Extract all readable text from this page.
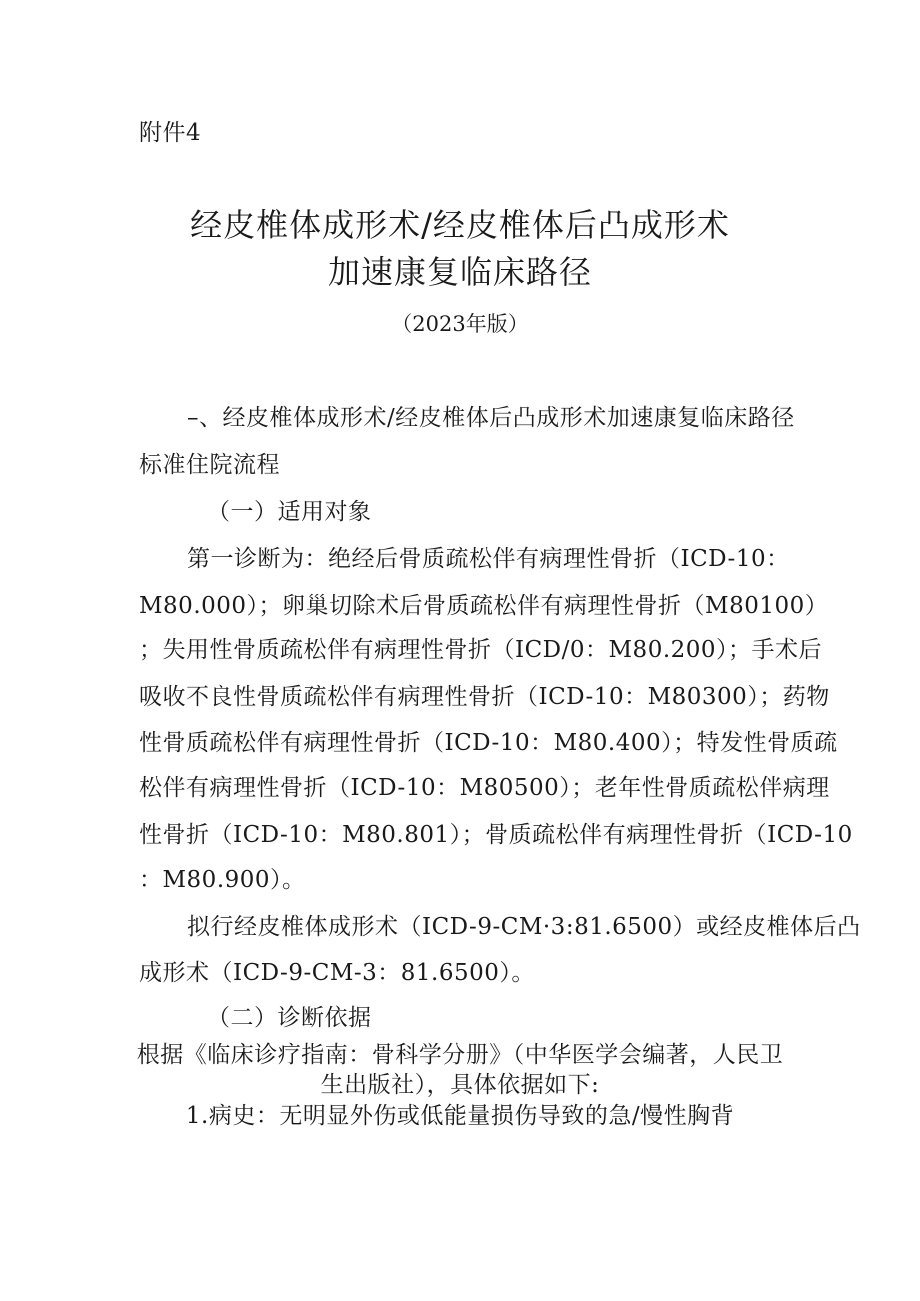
附件4
经皮椎体成形术/经皮椎体后凸成形术
加速康复临床路径
（2023年版）
–、经皮椎体成形术/经皮椎体后凸成形术加速康复临床路径
标准住院流程
（一）适用对象
第一诊断为：绝经后骨质疏松伴有病理性骨折（ICD-10：
M80.000）；卵巢切除术后骨质疏松伴有病理性骨折（M80100）
；失用性骨质疏松伴有病理性骨折（ICD/0：M80.200）；手术后
吸收不良性骨质疏松伴有病理性骨折（ICD-10：M80300）；药物
性骨质疏松伴有病理性骨折（ICD-10：M80.400）；特发性骨质疏
松伴有病理性骨折（ICD-10：M80500）；老年性骨质疏松伴病理
性骨折（ICD-10：M80.801）；骨质疏松伴有病理性骨折（ICD-10
：M80.900）。
拟行经皮椎体成形术（ICD-9-CM·3:81.6500）或经皮椎体后凸
成形术（ICD-9-CM-3：81.6500）。
（二）诊断依据
根据《临床诊疗指南：骨科学分册》（中华医学会编著，人民卫
生出版社），具体依据如下:
1.病史：无明显外伤或低能量损伤导致的急/慢性胸背
